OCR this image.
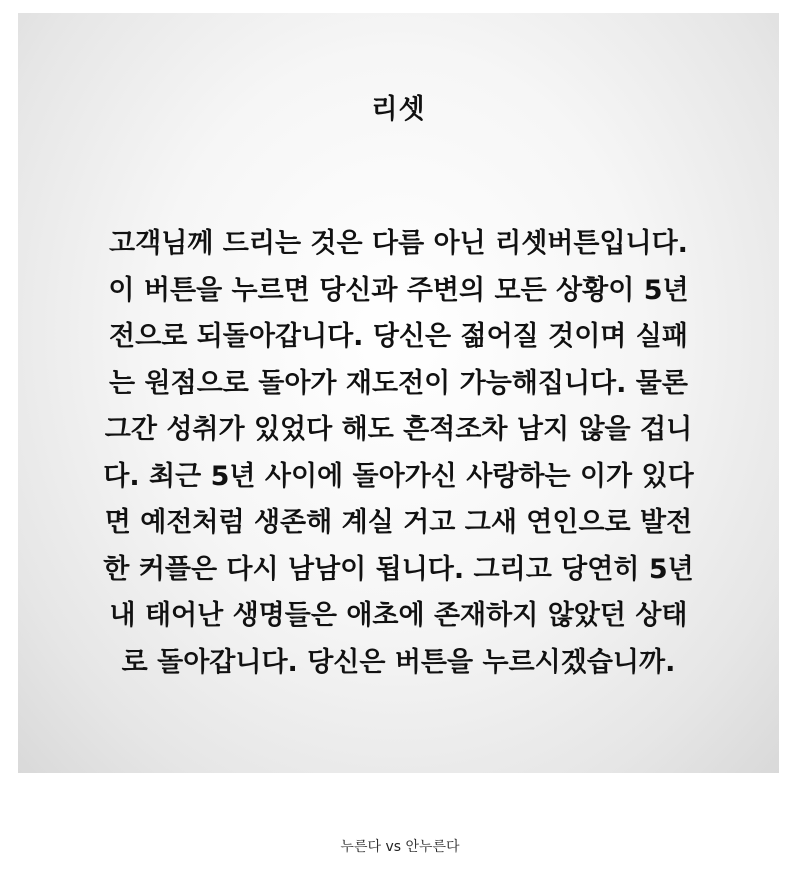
리셋

고객님께 드리는 것은 다름 아닌 리셋버튼입니다.
이 버튼을 누르면 당신과 주변의 모든 상황이 5년
전으로 되돌아갑니다. 당신은 젊어질 것이며 실패
는 원점으로 돌아가 재도전이 가능해집니다. 물론
그간 성취가 있었다 해도 흔적조차 남지 않을 겁니
다. 최근 5년 사이에 돌아가신 사랑하는 이가 있다
면 예전처럼 생존해 계실 거고 그새 연인으로 발전
한 커플은 다시 남남이 됩니다. 그리고 당연히 5년
내 태어난 생명들은 애초에 존재하지 않았던 상태
로 돌아갑니다. 당신은 버튼을 누르시겠습니까.

누른다 vs 안누른다
